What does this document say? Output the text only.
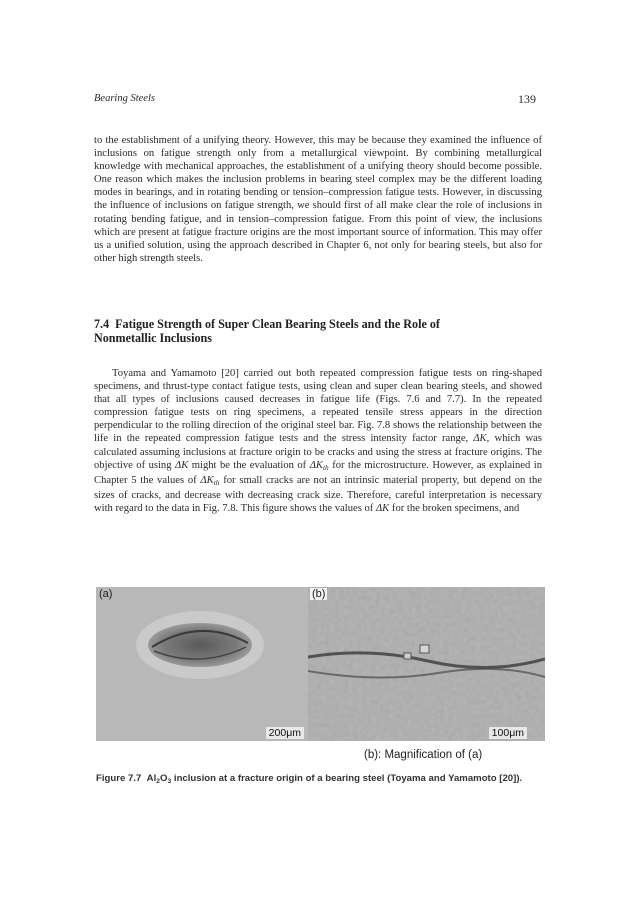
Bearing Steels	139

to the establishment of a unifying theory. However, this may be because they examined the influence of inclusions on fatigue strength only from a metallurgical viewpoint. By combining metallurgical knowledge with mechanical approaches, the establishment of a unifying theory should become possible. One reason which makes the inclusion problems in bearing steel complex may be the different loading modes in bearings, and in rotating bending or tension–compression fatigue tests. However, in discussing the influence of inclusions on fatigue strength, we should first of all make clear the role of inclusions in rotating bending fatigue, and in tension–compression fatigue. From this point of view, the inclusions which are present at fatigue fracture origins are the most important source of information. This may offer us a unified solution, using the approach described in Chapter 6, not only for bearing steels, but also for other high strength steels.

7.4 Fatigue Strength of Super Clean Bearing Steels and the Role of
Nonmetallic Inclusions

Toyama and Yamamoto [20] carried out both repeated compression fatigue tests on ring-shaped specimens, and thrust-type contact fatigue tests, using clean and super clean bearing steels, and showed that all types of inclusions caused decreases in fatigue life (Figs. 7.6 and 7.7). In the repeated compression fatigue tests on ring specimens, a repeated tensile stress appears in the direction perpendicular to the rolling direction of the original steel bar. Fig. 7.8 shows the relationship between the life in the repeated compression fatigue tests and the stress intensity factor range, ΔK, which was calculated assuming inclusions at fracture origin to be cracks and using the stress at fracture origins. The objective of using ΔK might be the evaluation of $\Delta K_{th}$ for the microstructure. However, as explained in Chapter 5 the values of $\Delta K_{th}$ for small cracks are not an intrinsic material property, but depend on the sizes of cracks, and decrease with decreasing crack size. Therefore, careful interpretation is necessary with regard to the data in Fig. 7.8. This figure shows the values of ΔK for the broken specimens, and

(a)
200μm
(b)
100μm
(b): Magnification of (a)
Figure 7.7 $Al_2O_3$ inclusion at a fracture origin of a bearing steel (Toyama and Yamamoto [20]).
